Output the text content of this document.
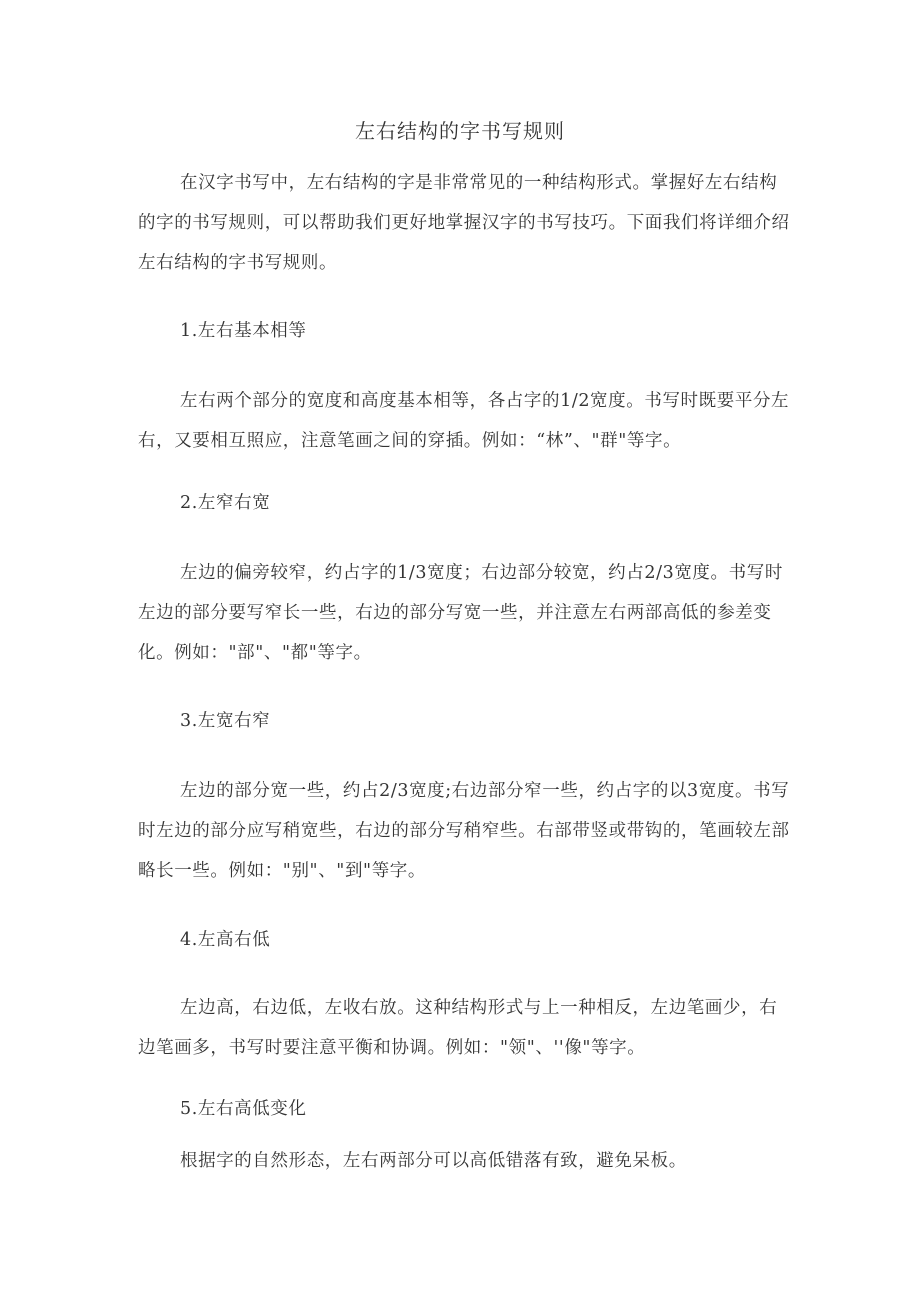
左右结构的字书写规则

在汉字书写中，左右结构的字是非常常见的一种结构形式。掌握好左右结构的字的书写规则，可以帮助我们更好地掌握汉字的书写技巧。下面我们将详细介绍左右结构的字书写规则。

1.左右基本相等

左右两个部分的宽度和高度基本相等，各占字的1/2宽度。书写时既要平分左右，又要相互照应，注意笔画之间的穿插。例如：“林”、"群"等字。

2.左窄右宽

左边的偏旁较窄，约占字的1/3宽度；右边部分较宽，约占2/3宽度。书写时左边的部分要写窄长一些，右边的部分写宽一些，并注意左右两部高低的参差变化。例如："部"、"都"等字。

3.左宽右窄

左边的部分宽一些，约占2/3宽度;右边部分窄一些，约占字的以3宽度。书写时左边的部分应写稍宽些，右边的部分写稍窄些。右部带竖或带钩的，笔画较左部略长一些。例如："别"、"到"等字。

4.左高右低

左边高，右边低，左收右放。这种结构形式与上一种相反，左边笔画少，右边笔画多，书写时要注意平衡和协调。例如："领"、''像"等字。

5.左右高低变化

根据字的自然形态，左右两部分可以高低错落有致，避免呆板。
